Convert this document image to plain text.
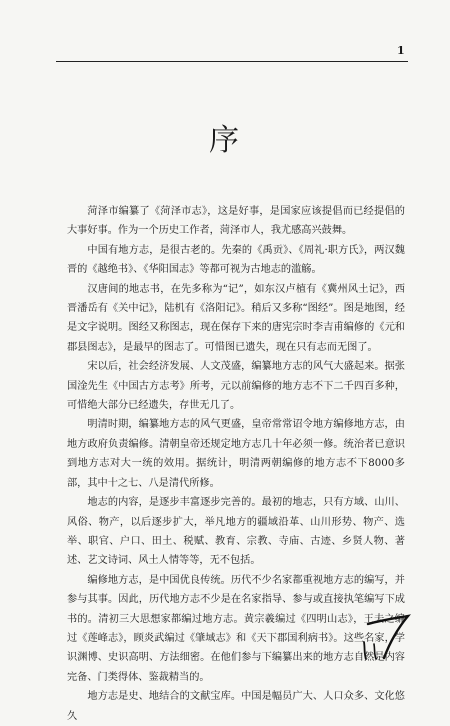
1
序

菏泽市编纂了《菏泽市志》，这是好事，是国家应该提倡而已经提倡的大事好事。作为一个历史工作者，菏泽市人，我尤感高兴鼓舞。

中国有地方志，是很古老的。先秦的《禹贡》、《周礼·职方氏》，两汉魏晋的《越绝书》、《华阳国志》等都可视为古地志的滥觞。

汉唐间的地志书，在先多称为“记”，如东汉卢植有《冀州风土记》，西晋潘岳有《关中记》，陆机有《洛阳记》。稍后又多称“图经”。图是地图，经是文字说明。图经又称图志，现在保存下来的唐宪宗时李吉甫编修的《元和郡县图志》，是最早的图志了。可惜图已遗失，现在只有志而无图了。

宋以后，社会经济发展、人文茂盛，编纂地方志的风气大盛起来。据张国淦先生《中国古方志考》所考，元以前编修的地方志不下二千四百多种，可惜绝大部分已经遗失，存世无几了。

明清时期，编纂地方志的风气更盛，皇帝常常诏令地方编修地方志，由地方政府负责编修。清朝皇帝还规定地方志几十年必须一修。统治者已意识到地方志对大一统的效用。据统计，明清两朝编修的地方志不下8000多部，其中十之七、八是清代所修。

地志的内容，是逐步丰富逐步完善的。最初的地志，只有方域、山川、风俗、物产，以后逐步扩大，举凡地方的疆域沿革、山川形势、物产、选举、职官、户口、田土、税赋、教育、宗教、寺庙、古迹、乡贤人物、著述、艺文诗词、风土人情等等，无不包括。

编修地方志，是中国优良传统。历代不少名家都重视地方志的编写，并参与其事。因此，历代地方志不少是在名家指导、参与或直接执笔编写下成书的。清初三大思想家都编过地方志。黄宗羲编过《四明山志》，王夫之编过《莲峰志》，顾炎武编过《肇域志》和《天下郡国利病书》。这些名家，学识渊博、史识高明、方法细密。在他们参与下编纂出来的地方志自然是内容完备、门类得体、鉴裁精当的。

地方志是史、地结合的文献宝库。中国是幅员广大、人口众多、文化悠久
